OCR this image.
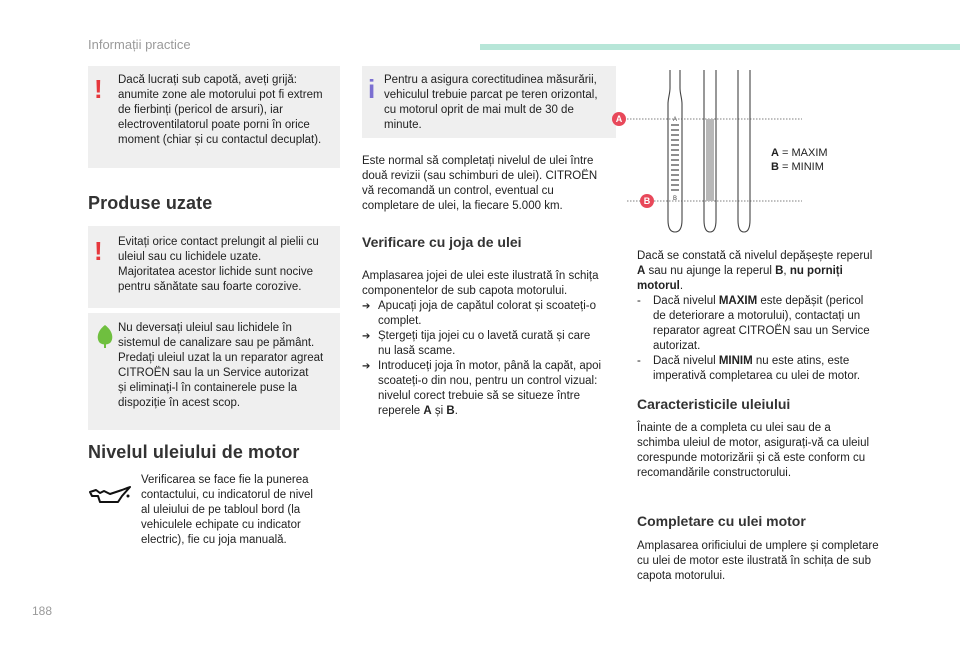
Informații practice
! Dacă lucrați sub capotă, aveți grijă:

anumite zone ale motorului pot fi extrem

de fierbinți (pericol de arsuri), iar

electroventilatorul poate porni în orice

moment (chiar și cu contactul decuplat).

Produse uzate
! Evitați orice contact prelungit al pielii cu

uleiul sau cu lichidele uzate.

Majoritatea acestor lichide sunt nocive

pentru sănătate sau foarte corozive.

Nu deversați uleiul sau lichidele în

sistemul de canalizare sau pe pământ.

Predați uleiul uzat la un reparator agreat

CITROËN sau la un Service autorizat

și eliminați-l în containerele puse la

dispoziție în acest scop.

Nivelul uleiului de motor

Verificarea se face fie la punerea

contactului, cu indicatorul de nivel

al uleiului de pe tabloul bord (la

vehiculele echipate cu indicator

electric), fie cu joja manuală.

i Pentru a asigura corectitudinea măsurării,

vehiculul trebuie parcat pe teren orizontal,

cu motorul oprit de mai mult de 30 de

minute.

Este normal să completați nivelul de ulei între

două revizii (sau schimburi de ulei). CITROËN

vă recomandă un control, eventual cu

completare de ulei, la fiecare 5.000 km.

Verificare cu joja de ulei

Amplasarea jojei de ulei este ilustrată în schița

componentelor de sub capota motorului.

➔ Apucați joja de capătul colorat și scoateți-o

complet.

➔ Ștergeți tija jojei cu o lavetă curată și care

nu lasă scame.

➔ Introduceți joja în motor, până la capăt, apoi

scoateți-o din nou, pentru un control vizual:

nivelul corect trebuie să se situeze între

reperele A și B.

A
B
A
B
A = MAXIM
B = MINIM

Dacă se constată că nivelul depășește reperul

A sau nu ajunge la reperul B, nu porniți

motorul.

- Dacă nivelul MAXIM este depășit (pericol

de deteriorare a motorului), contactați un

reparator agreat CITROËN sau un Service

autorizat.

- Dacă nivelul MINIM nu este atins, este

imperativă completarea cu ulei de motor.

Caracteristicile uleiului

Înainte de a completa cu ulei sau de a

schimba uleiul de motor, asigurați-vă ca uleiul

corespunde motorizării și că este conform cu

recomandările constructorului.

Completare cu ulei motor

Amplasarea orificiului de umplere și completare

cu ulei de motor este ilustrată în schița de sub

capota motorului.

188
